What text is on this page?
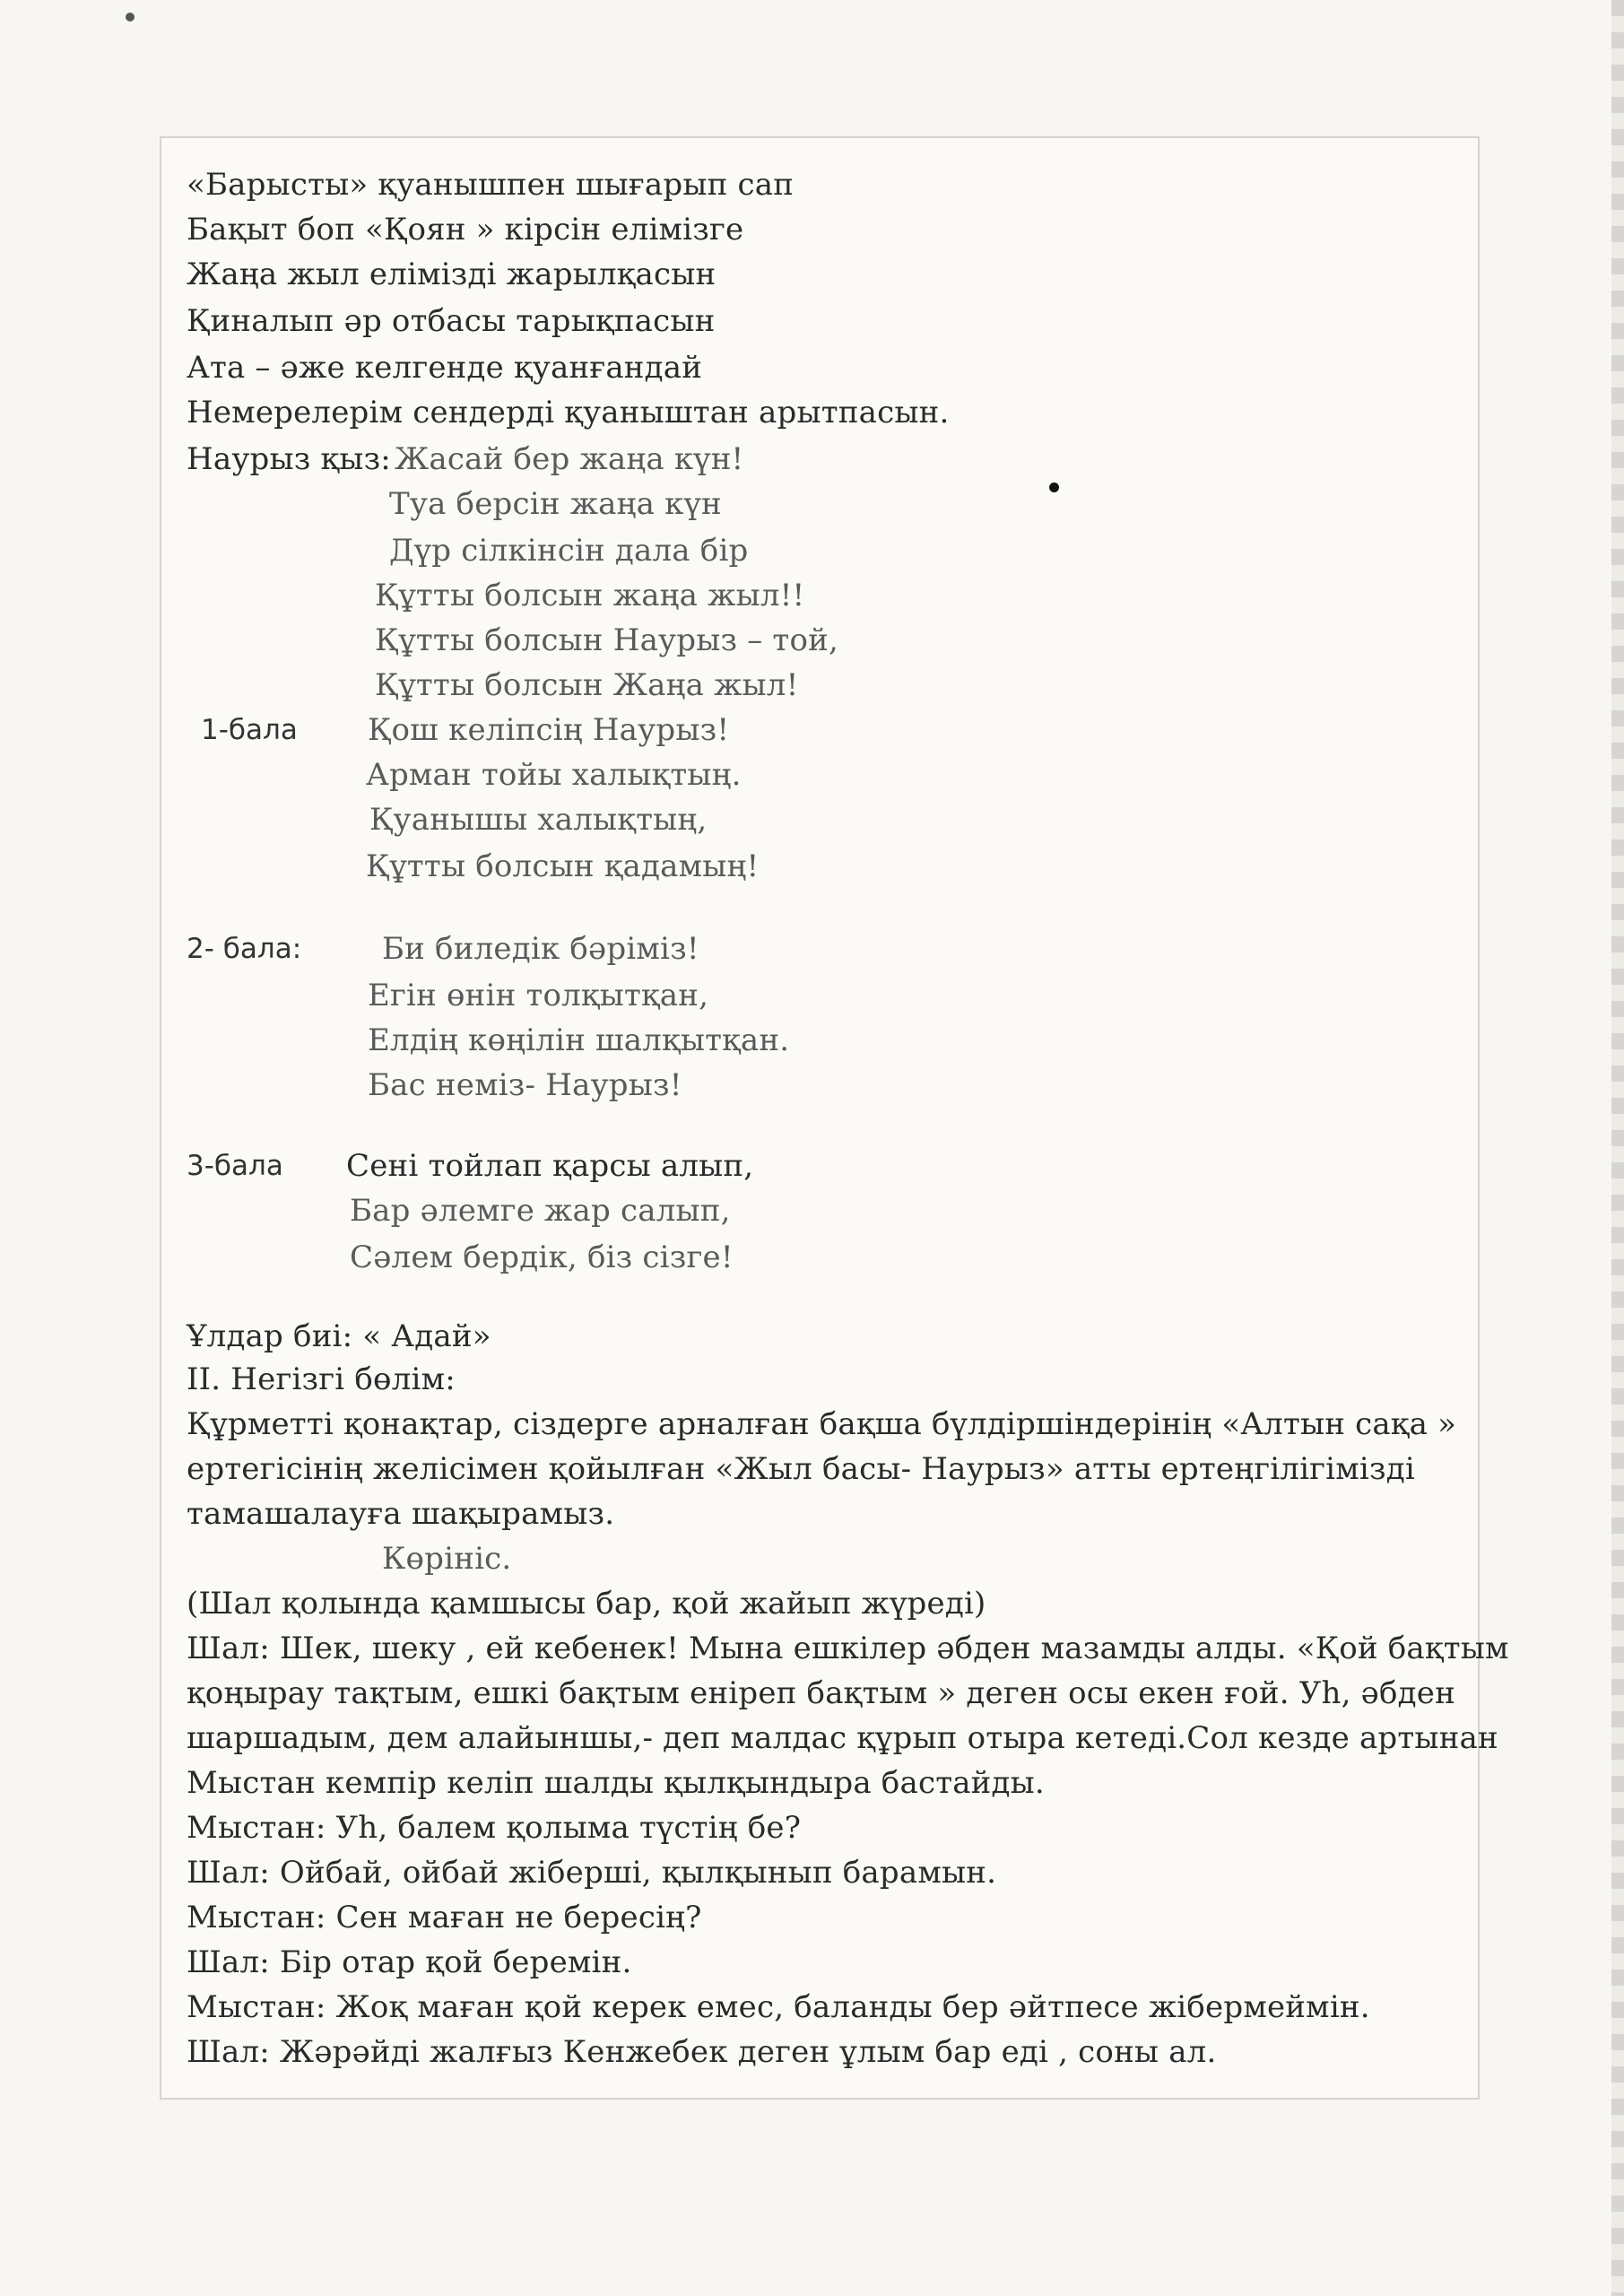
«Барысты» қуанышпен шығарып сап
Бақыт боп «Қоян » кірсін елімізге
Жаңа жыл елімізді жарылқасын
Қиналып әр отбасы тарықпасын
Ата – әже келгенде қуанғандай
Немерелерім сендерді қуаныштан арытпасын.
Наурыз қыз: Жасай бер жаңа күн!
Туа берсін жаңа күн
Дүр сілкінсін дала бір
Құтты болсын жаңа жыл!!
Құтты болсын Наурыз – той,
Құтты болсын Жаңа жыл!
1-бала Қош келіпсің Наурыз!
Арман тойы халықтың.
Қуанышы халықтың,
Құтты болсын қадамың!
2- бала:	Би биледік бәріміз!
Егін өнін толқытқан,
Елдің көңілін шалқытқан.
Бас неміз- Наурыз!
3-бала Сені тойлап қарсы алып,
Бар әлемге жар салып,
Сәлем бердік, біз сізге!
Ұлдар биі: « Адай»
ІІ. Негізгі бөлім:
Құрметті қонақтар, сіздерге арналған бақша бүлдіршіндерінің «Алтын сақа »
ертегісінің желісімен қойылған «Жыл басы- Наурыз» атты ертеңгілігімізді
тамашалауға шақырамыз.
Көрініс.
(Шал қолында қамшысы бар, қой жайып жүреді)
Шал: Шек, шеку , ей кебенек! Мына ешкілер әбден мазамды алды. «Қой бақтым
қоңырау тақтым, ешкі бақтым еніреп бақтым » деген осы екен ғой. Уһ, әбден
шаршадым, дем алайыншы,- деп малдас құрып отыра кетеді.Сол кезде артынан
Мыстан кемпір келіп шалды қылқындыра бастайды.
Мыстан: Уһ, балем қолыма түстің бе?
Шал: Ойбай, ойбай жіберші, қылқынып барамын.
Мыстан: Сен маған не бересің?
Шал: Бір отар қой беремін.
Мыстан: Жоқ маған қой керек емес, баланды бер әйтпесе жібермеймін.
Шал: Жәрәйді жалғыз Кенжебек деген ұлым бар еді , соны ал.
